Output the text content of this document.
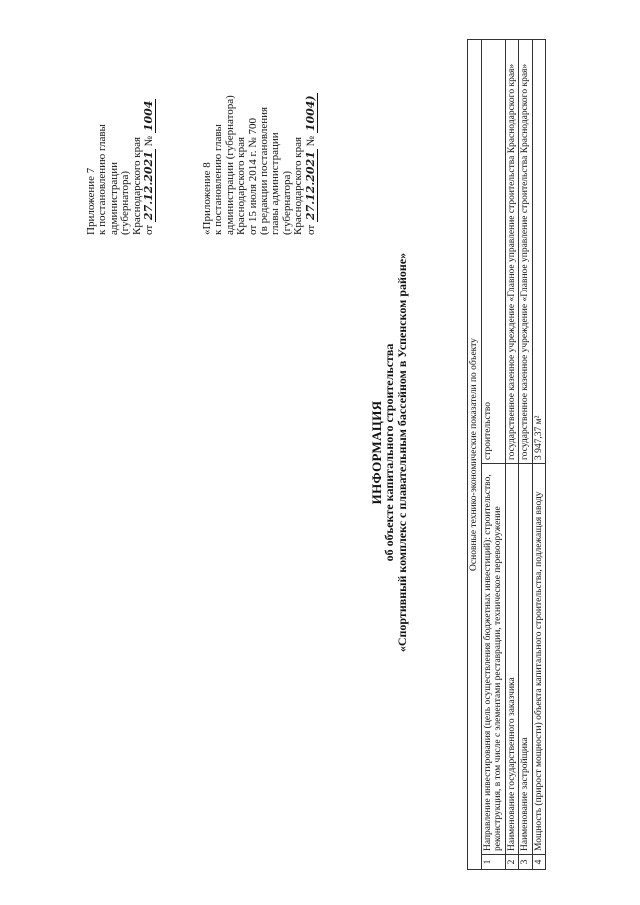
Приложение 7 к постановлению главы администрации (губернатора) Краснодарского края от 27.12.2021 № 1004
«Приложение 8 к постановлению главы администрации (губернатора) Краснодарского края от 15 июля 2014 г. № 700 (в редакции постановления главы администрации (губернатора) Краснодарского края от 27.12.2021 № 1004)
ИНФОРМАЦИЯ
об объекте капитального строительства «Спортивный комплекс с плавательным бассейном в Успенском районе»	Основные технико-экономические показатели по объекту		
1	Направление инвестирования (цель осуществления бюджетных инвестиций): строительство, реконструкция, в том числе с элементами реставрации, техническое перевооружение	строительство
2	Наименование государственного заказчика	государственное казенное учреждение «Главное управление строительства Краснодарского края»
3	Наименование застройщика	государственное казенное учреждение «Главное управление строительства Краснодарского края»
4	Мощность (прирост мощности) объекта капитального строительства, подлежащая вводу	3 947,37 м²
